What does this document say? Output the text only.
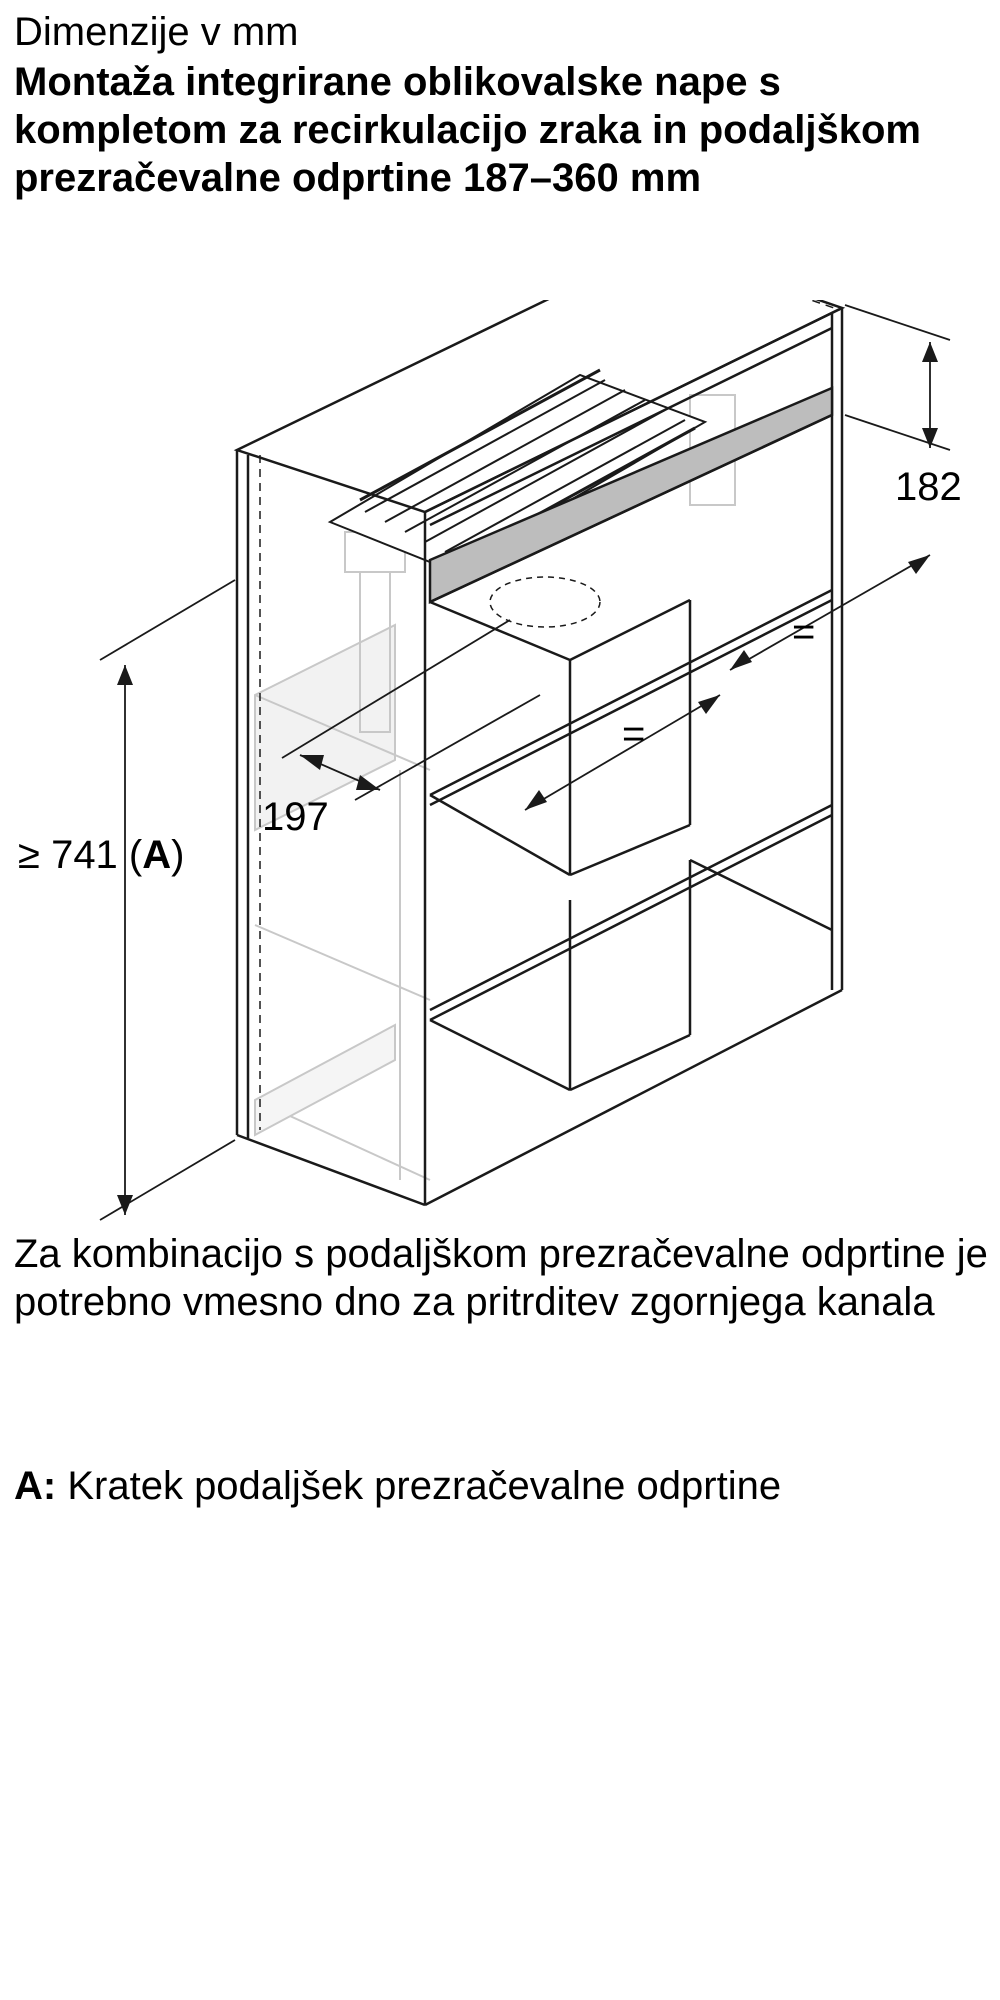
Dimenzije v mm
Montaža integrirane oblikovalske nape s kompletom za recirkulacijo zraka in podaljškom prezračevalne odprtine 187–360 mm
182
=
=
197
≥ 741 (A)

Za kombinacijo s podaljškom prezračevalne odprtine je potrebno vmesno dno za pritrditev zgornjega kanala

A: Kratek podaljšek prezračevalne odprtine
